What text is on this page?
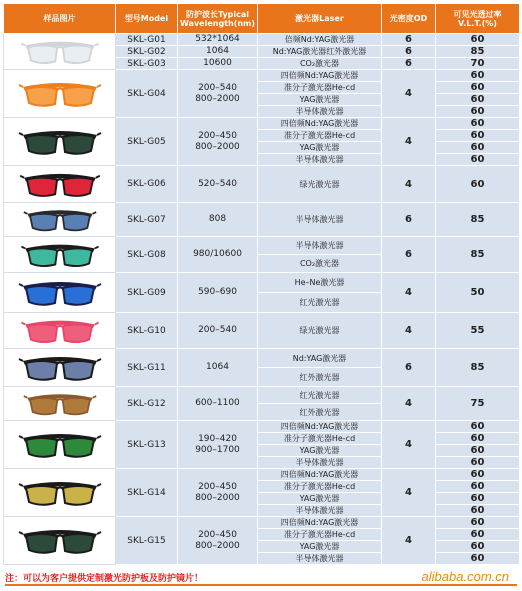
样品图片	型号Model	防护波长Typical
Wavelength(nm)	激光器Laser	光密度OD	可见光透过率
V.L.T.(%)

	SKL-G01	532*1064	倍频Nd:YAG激光器	6	60
	SKL-G02	1064	Nd:YAG激光器红外激光器	6	85
	SKL-G03	10600	CO₂激光器	6	70

	SKL-G04	200–540
800–2000	四倍频Nd:YAG激光器	4	60
			准分子激光器He-cd		60
			YAG激光器		60
			半导体激光器		60

	SKL-G05	200–450
800–2000	四倍频Nd:YAG激光器	4	60
			准分子激光器He-cd		60
			YAG激光器		60
			半导体激光器		60

	SKL-G06	520–540	绿光激光器	4	60

	SKL-G07	808	半导体激光器	6	85

	SKL-G08	980/10600	半导体激光器	6	85
			CO₂激光器		

	SKL-G09	590–690	He–Ne激光器	4	50
			红光激光器		

	SKL-G10	200–540	绿光激光器	4	55

	SKL-G11	1064	Nd:YAG激光器	6	85
			红外激光器		

	SKL-G12	600–1100	红光激光器	4	75
			红外激光器		

	SKL-G13	190–420
900–1700	四倍频Nd:YAG激光器	4	60
			准分子激光器He-cd		60
			YAG激光器		60
			半导体激光器		60

	SKL-G14	200–450
800–2000	四倍频Nd:YAG激光器	4	60
			准分子激光器He-cd		60
			YAG激光器		60
			半导体激光器		60

	SKL-G15	200–450
800–2000	四倍频Nd:YAG激光器	4	60
			准分子激光器He-cd		60
			YAG激光器		60
			半导体激光器		60
注：可以为客户提供定制激光防护板及防护镜片！	alibaba.com.cn
